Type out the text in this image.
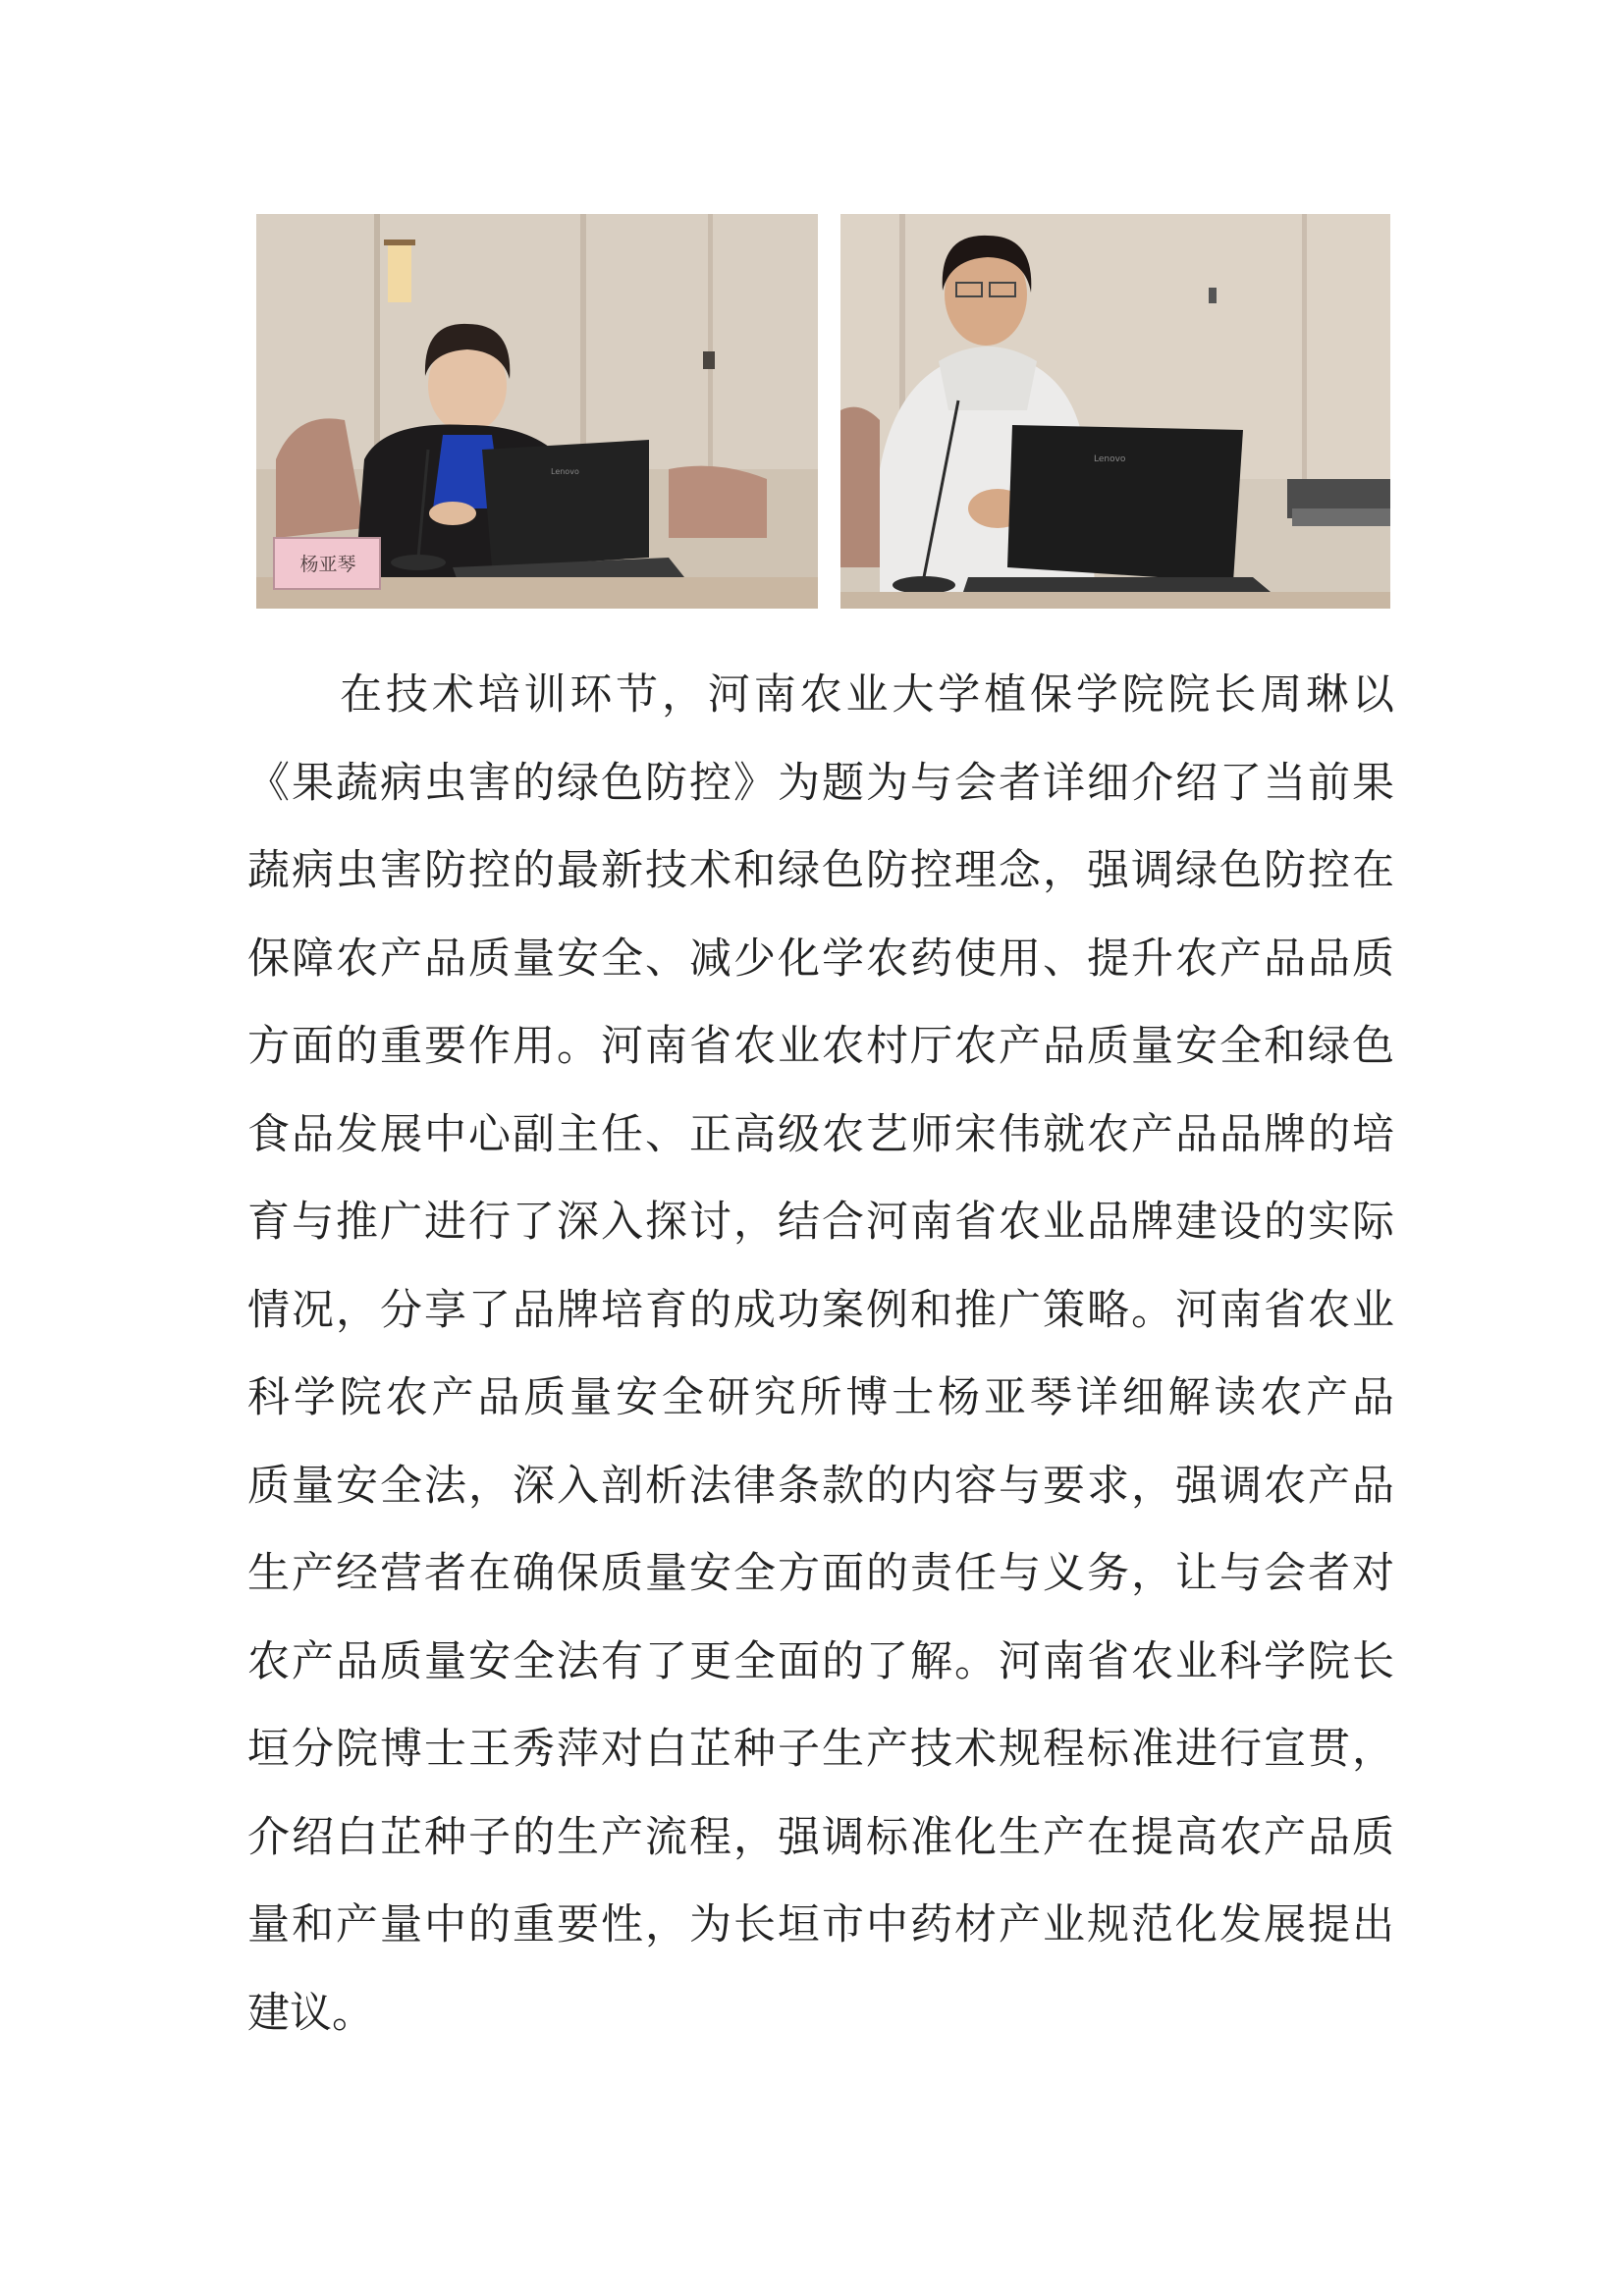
Lenovo
杨亚琴
Lenovo
在技术培训环节，河南农业大学植保学院院长周琳以
《果蔬病虫害的绿色防控》为题为与会者详细介绍了当前果
蔬病虫害防控的最新技术和绿色防控理念，强调绿色防控在
保障农产品质量安全、减少化学农药使用、提升农产品品质
方面的重要作用。河南省农业农村厅农产品质量安全和绿色
食品发展中心副主任、正高级农艺师宋伟就农产品品牌的培
育与推广进行了深入探讨，结合河南省农业品牌建设的实际
情况，分享了品牌培育的成功案例和推广策略。河南省农业
科学院农产品质量安全研究所博士杨亚琴详细解读农产品
质量安全法，深入剖析法律条款的内容与要求，强调农产品
生产经营者在确保质量安全方面的责任与义务，让与会者对
农产品质量安全法有了更全面的了解。河南省农业科学院长
垣分院博士王秀萍对白芷种子生产技术规程标准进行宣贯，
介绍白芷种子的生产流程，强调标准化生产在提高农产品质
量和产量中的重要性，为长垣市中药材产业规范化发展提出
建议。
